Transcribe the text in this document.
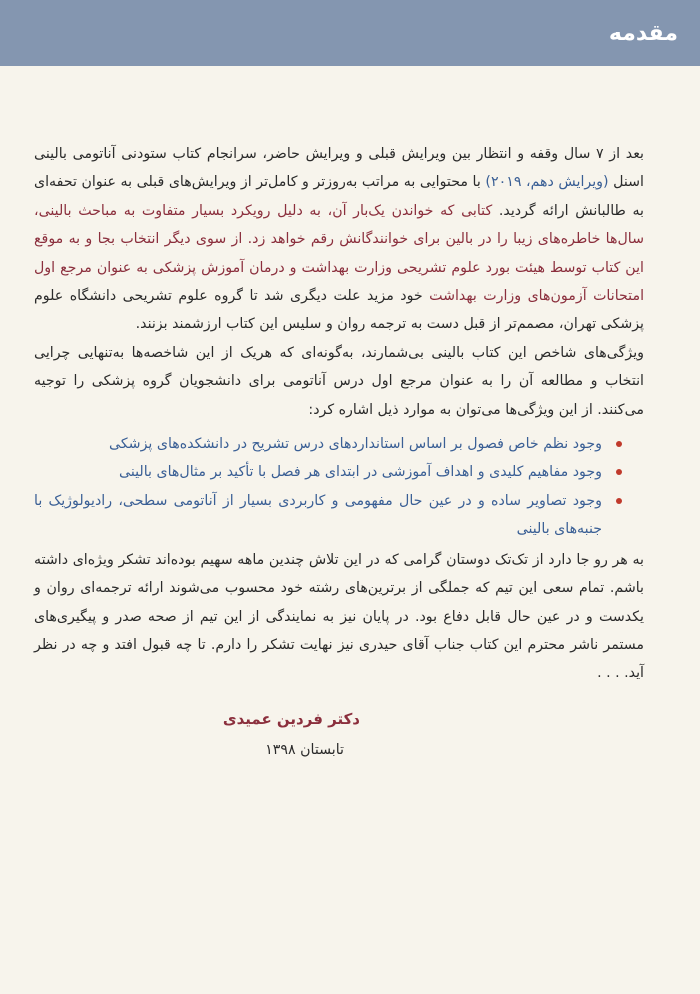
مقدمه

بعد از ۷ سال وقفه و انتظار بین ویرایش قبلی و ویرایش حاضر، سرانجام کتاب ستودنی آناتومی بالینی اسنل (ویرایش دهم، ۲۰۱۹) با محتوایی به مراتب به‌روزتر و کامل‌تر از ویرایش‌های قبلی به عنوان تحفه‌ای به طالبانش ارائه گردید. کتابی که خواندن یک‌بار آن، به دلیل رویکرد بسیار متفاوت به مباحث بالینی، سال‌ها خاطره‌های زیبا را در بالین برای خوانندگانش رقم خواهد زد. از سوی دیگر انتخاب بجا و به موقع این کتاب توسط هیئت بورد علوم تشریحی وزارت بهداشت و درمان آموزش پزشکی به عنوان مرجع اول امتحانات آزمون‌های وزارت بهداشت خود مزید علت دیگری شد تا گروه علوم تشریحی دانشگاه علوم پزشکی تهران، مصمم‌تر از قبل دست به ترجمه روان و سلیس این کتاب ارزشمند بزنند.

ویژگی‌های شاخص این کتاب بالینی بی‌شمارند، به‌گونه‌ای که هریک از این شاخصه‌ها به‌تنهایی چرایی انتخاب و مطالعه آن را به عنوان مرجع اول درس آناتومی برای دانشجویان گروه پزشکی را توجیه می‌کنند. از این ویژگی‌ها می‌توان به موارد ذیل اشاره کرد:

وجود نظم خاص فصول بر اساس استانداردهای درس تشریح در دانشکده‌های پزشکی
وجود مفاهیم کلیدی و اهداف آموزشی در ابتدای هر فصل با تأکید بر مثال‌های بالینی
وجود تصاویر ساده و در عین حال مفهومی و کاربردی بسیار از آناتومی سطحی، رادیولوژیک با جنبه‌های بالینی

به هر رو جا دارد از تک‌تک دوستان گرامی که در این تلاش چندین ماهه سهیم بوده‌اند تشکر ویژه‌ای داشته باشم. تمام سعی این تیم که جملگی از برترین‌های رشته خود محسوب می‌شوند ارائه ترجمه‌ای روان و یکدست و در عین حال قابل دفاع بود. در پایان نیز به نمایندگی از این تیم از صحه صدر و پیگیری‌های مستمر ناشر محترم این کتاب جناب آقای حیدری نیز نهایت تشکر را دارم. تا چه قبول افتد و چه در نظر آید. . . .

دکتر فردین عمیدی
تابستان ۱۳۹۸
